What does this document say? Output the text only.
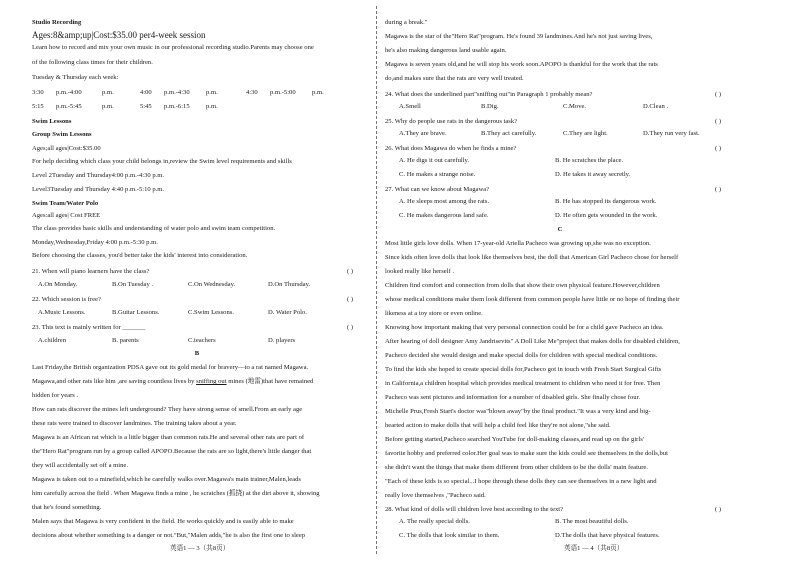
Studio Recording
Ages:8&amp;up|Cost:$35.00 per4-week session
Learn how to record and mix your own music in our professional recording studio.Parents may choose one
of the following class times for their children.
Tuesday & Thursday each week:
3:30 p.m.-4:00	p.m.	4:00 p.m.-4:30 p.m.	4:30 p.m.-5:00 p.m.
5:15 p.m.-5:45	p.m.	5:45 p.m.-6:15 p.m.
Swim Lessons
Group Swim Lessons
Ages;all ages|Cost:$35.00
For help deciding which class your child belongs in,review the Swim level requirements and skills
Level 2Tuesday and Thursday4:00 p.m.-4:30 p.m.
Level3Tuesday and Thursday 4:40 p.m.-5:10 p.m.
Swim Team/Water Polo
Ages:all ages| Cost FREE
The class provides basic skills and understanding of water polo and swim team competition.
Monday,Wednesday,Friday 4:00 p.m.-5:30 p.m.
Before choosing the classes, you'd better take the kids' interest into consideration.
21. When will piano learners have the class?	( )
A.On Monday.	B.On Tuesday .	C.On Wednesday.	D.On Thursday.
22. Which session is free?	( )
A.Music Lessons.	B.Guitar Lessons.	C.Swim Lessons.	D. Water Polo.
23. This text is mainly written for _______	( )
A.children	B. parents	C.teachers	D. players
B
Last Friday,the British organization PDSA gave out its gold medal for bravery—to a rat named Magawa.
Magawa,and other rats like him ,are saving countless lives by sniffing out mines (地雷)that have remained
hidden for years .
How can rats discover the mines left underground? They have strong sense of smell.From an early age
these rats were trained to discover landmines. The training takes about a year.
Magawa is an African rat which is a little bigger than common rats.He and several other rats are part of
the"Hero Rat"program run by a group called APOPO.Because the rats are so light,there's little danger that
they will accidentally set off a mine.
Magawa is taken out to a minefield,which he carefully walks over.Magawa's main trainer,Malen,leads
him carefully across the field . When Magawa finds a mine , he scratches (抓挠) at the dirt above it, showing
that he's found something.
Malen says that Magawa is very confident in the field. He works quickly and is easily able to make
decisions about whether something is a danger or not."But,"Malen adds,"he is also the first one to sleep
英语1 — 3（共8页）
during a break."
Magawa is the star of the"Hero Rat"program. He's found 39 landmines.And he's not just saving lives,
he's also making dangerous land usable again.
Magawa is seven years old,and he will stop his work soon.APOPO is thankful for the work that the rats
do,and makes sure that the rats are very well treated.
24. What does the underlined part"sniffing out"in Paragraph 1 probably mean?	( )
A.Smell	B.Dig.	C.Move.	D.Clean .
25. Why do people use rats in the dangerous task?	( )
A.They are brave.	B.They act carefully.	C.They are light.	D.They run very fast.
26. What does Magawa do when he finds a mine?	( )
A. He digs it out carefully.	B. He scratches the place.
C. He makes a strange noise.	D. He takes it away secretly.
27. What can we know about Magawa?	( )
A. He sleeps most among the rats.	B. He has stopped its dangerous work.
C. He makes dangerous land safe.	D. He often gets wounded in the work.
C
Most little girls love dolls. When 17-year-old Ariella Pacheco was growing up,she was no exception.
Since kids often love dolls that look like themselves best, the doll that American Girl Pacheco chose for herself
looked really like herself .
Children find comfort and connection from dolls that show their own physical feature.However,children
whose medical conditions make them look different from common people have little or no hope of finding their
likeness at a toy store or even online.
Knowing how important making that very personal connection could be for a child gave Pacheco an idea.
After hearing of doll designer Amy Jandrisevits" A Doll Like Me"project that makes dolls for disabled children,
Pacheco decided she would design and make special dolls for children with special medical conditions.
To find the kids she hoped to create special dolls for,Pacheco got in touch with Fresh Start Surgical Gifts
in California,a children hospital which provides medical treatment to children who need it for free. Then
Pacheco was sent pictures and information for a number of disabled girls. She finally chose four.
Michelle Prus,Fresh Start's doctor was"blown away"by the final product."It was a very kind and big-
hearted action to make dolls that will help a child feel like they're not alone,"she said.
Before getting started,Pacheco searched YouTube for doll-making classes,and read up on the girls'
favorite hobby and preferred color.Her goal was to make sure the kids could see themselves in the dolls,but
she didn't want the things that make them different from other children to be the dolls' main feature.
"Each of these kids is so special...I hope through these dolls they can see themselves in a new light and
really love themselves ,"Pacheco said.
28. What kind of dolls will children love best according to the text?	( )
A. The really special dolls.	B. The most beautiful dolls.
C. The dolls that look similar to them.	D.The dolls that have physical features.
英语1 — 4（共8页）
